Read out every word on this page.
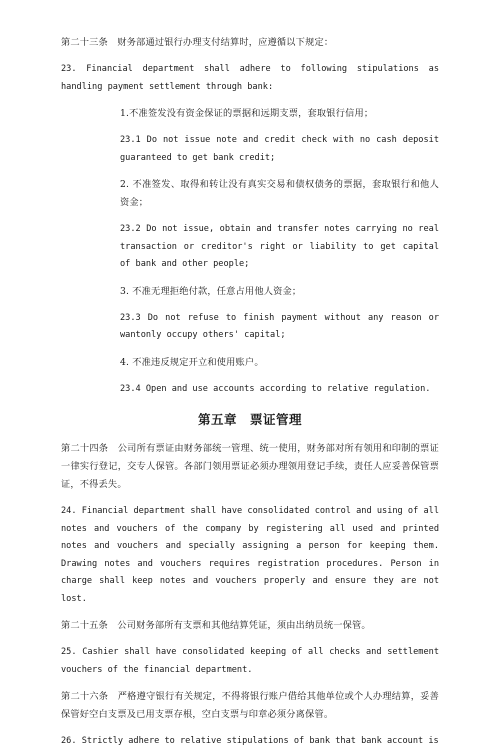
第二十三条　财务部通过银行办理支付结算时，应遵循以下规定：

23. Financial department shall adhere to following stipulations as handling payment settlement through bank:

1.不准签发没有资金保证的票据和远期支票，套取银行信用；

23.1 Do not issue note and credit check with no cash deposit guaranteed to get bank credit;

2. 不准签发、取得和转让没有真实交易和债权债务的票据，套取银行和他人资金；

23.2 Do not issue, obtain and transfer notes carrying no real transaction or creditor's right or liability to get capital of bank and other people;

3. 不准无理拒绝付款，任意占用他人资金；

23.3 Do not refuse to finish payment without any reason or wantonly occupy others' capital;

4. 不准违反规定开立和使用账户。

23.4 Open and use accounts according to relative regulation.

第五章　票证管理

第二十四条　公司所有票证由财务部统一管理、统一使用，财务部对所有领用和印制的票证一律实行登记，交专人保管。各部门领用票证必须办理领用登记手续，责任人应妥善保管票证，不得丢失。

24. Financial department shall have consolidated control and using of all notes and vouchers of the company by registering all used and printed notes and vouchers and specially assigning a person for keeping them. Drawing notes and vouchers requires registration procedures. Person in charge shall keep notes and vouchers properly and ensure they are not lost.

第二十五条　公司财务部所有支票和其他结算凭证，须由出纳员统一保管。

25. Cashier shall have consolidated keeping of all checks and settlement vouchers of the financial department.

第二十六条　严格遵守银行有关规定，不得将银行账户借给其他单位或个人办理结算，妥善保管好空白支票及已用支票存根，空白支票与印章必须分离保管。

26. Strictly adhere to relative stipulations of bank that bank account is
